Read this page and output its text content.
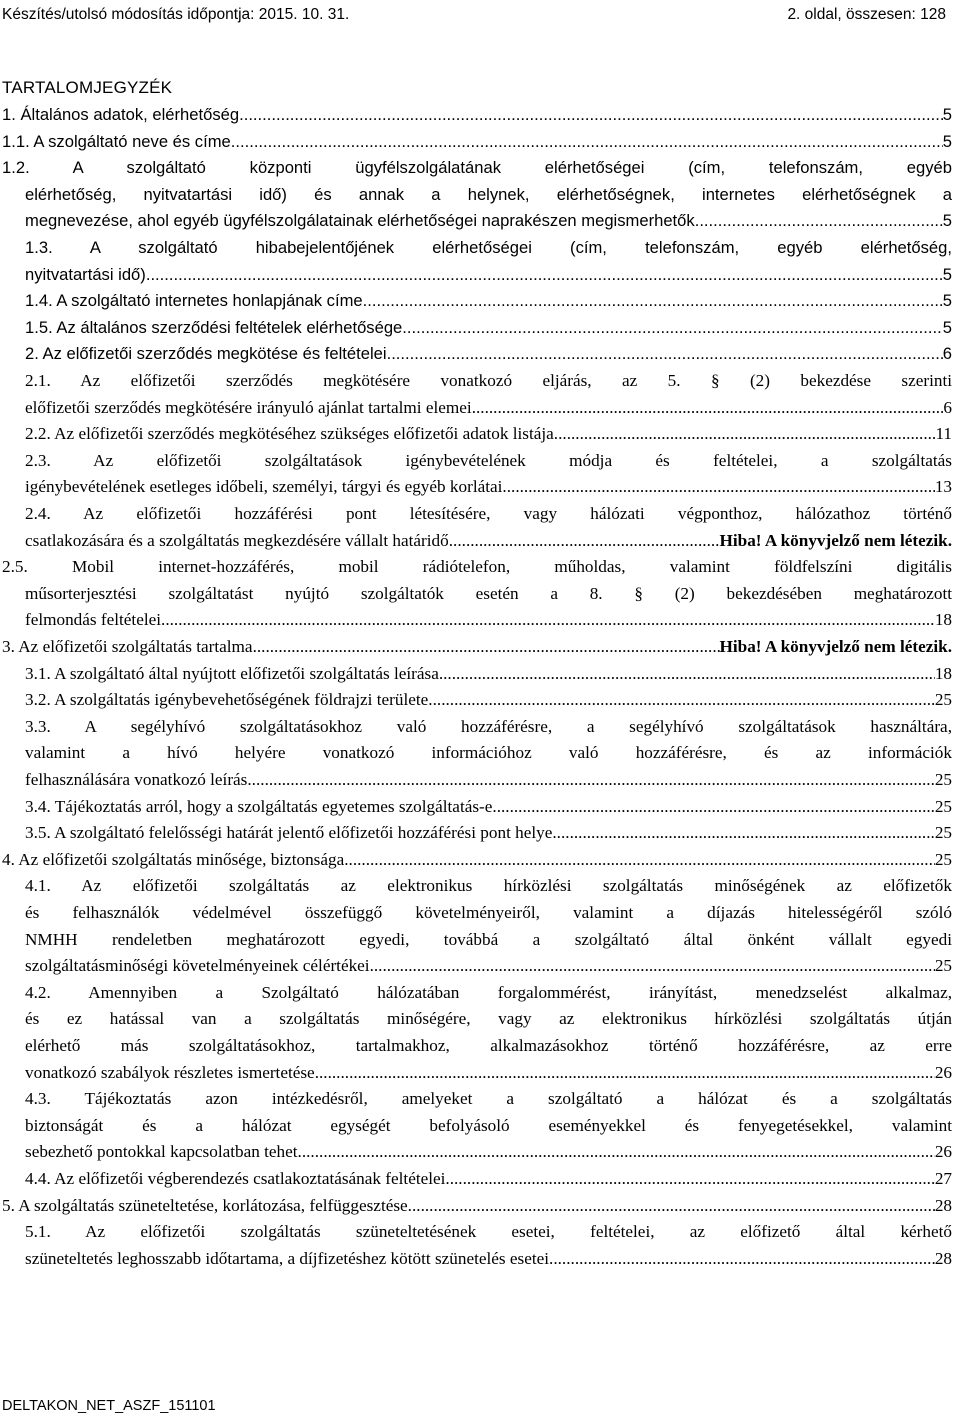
Készítés/utolsó módosítás időpontja: 2015. 10. 31.	2. oldal, összesen: 128
TARTALOMJEGYZÉK
1. Általános adatok, elérhetőség .....	5
1.1. A szolgáltató neve és címe .....	5
1.2. A szolgáltató központi ügyfélszolgálatának elérhetőségei (cím, telefonszám, egyéb
elérhetőség, nyitvatartási idő) és annak a helynek, elérhetőségnek, internetes elérhetőségnek a
megnevezése, ahol egyéb ügyfélszolgálatainak elérhetőségei naprakészen megismerhetők .....	5
1.3. A szolgáltató hibabejelentőjének elérhetőségei (cím, telefonszám, egyéb elérhetőség,
nyitvatartási idő) .....	5
1.4. A szolgáltató internetes honlapjának címe .....	5
1.5. Az általános szerződési feltételek elérhetősége .....	5
2. Az előfizetői szerződés megkötése és feltételei .....	6
2.1. Az előfizetői szerződés megkötésére vonatkozó eljárás, az 5. § (2) bekezdése szerinti
előfizetői szerződés megkötésére irányuló ajánlat tartalmi elemei .....	6
2.2. Az előfizetői szerződés megkötéséhez szükséges előfizetői adatok listája .....	11
2.3. Az előfizetői szolgáltatások igénybevételének módja és feltételei, a szolgáltatás
igénybevételének esetleges időbeli, személyi, tárgyi és egyéb korlátai .....	13
2.4. Az előfizetői hozzáférési pont létesítésére, vagy hálózati végponthoz, hálózathoz történő
csatlakozására és a szolgáltatás megkezdésére vállalt határidő .....	Hiba! A könyvjelző nem létezik.
2.5. Mobil internet-hozzáférés, mobil rádiótelefon, műholdas, valamint földfelszíni digitális
műsorterjesztési szolgáltatást nyújtó szolgáltatók esetén a 8. § (2) bekezdésében meghatározott
felmondás feltételei .....	18
3. Az előfizetői szolgáltatás tartalma .....	Hiba! A könyvjelző nem létezik.
3.1. A szolgáltató által nyújtott előfizetői szolgáltatás leírása .....	18
3.2. A szolgáltatás igénybevehetőségének földrajzi területe .....	25
3.3. A segélyhívó szolgáltatásokhoz való hozzáférésre, a segélyhívó szolgáltatások használtára,
valamint a hívó helyére vonatkozó információhoz való hozzáférésre, és az információk
felhasználására vonatkozó leírás .....	25
3.4. Tájékoztatás arról, hogy a szolgáltatás egyetemes szolgáltatás-e .....	25
3.5. A szolgáltató felelősségi határát jelentő előfizetői hozzáférési pont helye .....	25
4. Az előfizetői szolgáltatás minősége, biztonsága .....	25
4.1. Az előfizetői szolgáltatás az elektronikus hírközlési szolgáltatás minőségének az előfizetők
és felhasználók védelmével összefüggő követelményeiről, valamint a díjazás hitelességéről szóló
NMHH rendeletben meghatározott egyedi, továbbá a szolgáltató által önként vállalt egyedi
szolgáltatásminőségi követelményeinek célértékei .....	25
4.2. Amennyiben a Szolgáltató hálózatában forgalommérést, irányítást, menedzselést alkalmaz,
és ez hatással van a szolgáltatás minőségére, vagy az elektronikus hírközlési szolgáltatás útján
elérhető más szolgáltatásokhoz, tartalmakhoz, alkalmazásokhoz történő hozzáférésre, az erre
vonatkozó szabályok részletes ismertetése .....	26
4.3. Tájékoztatás azon intézkedésről, amelyeket a szolgáltató a hálózat és a szolgáltatás
biztonságát és a hálózat egységét befolyásoló eseményekkel és fenyegetésekkel, valamint
sebezhető pontokkal kapcsolatban tehet .....	26
4.4. Az előfizetői végberendezés csatlakoztatásának feltételei .....	27
5. A szolgáltatás szüneteltetése, korlátozása, felfüggesztése .....	28
5.1. Az előfizetői szolgáltatás szüneteltetésének esetei, feltételei, az előfizető által kérhető
szüneteltetés leghosszabb időtartama, a díjfizetéshez kötött szünetelés esetei .....	28
DELTAKON_NET_ASZF_151101
